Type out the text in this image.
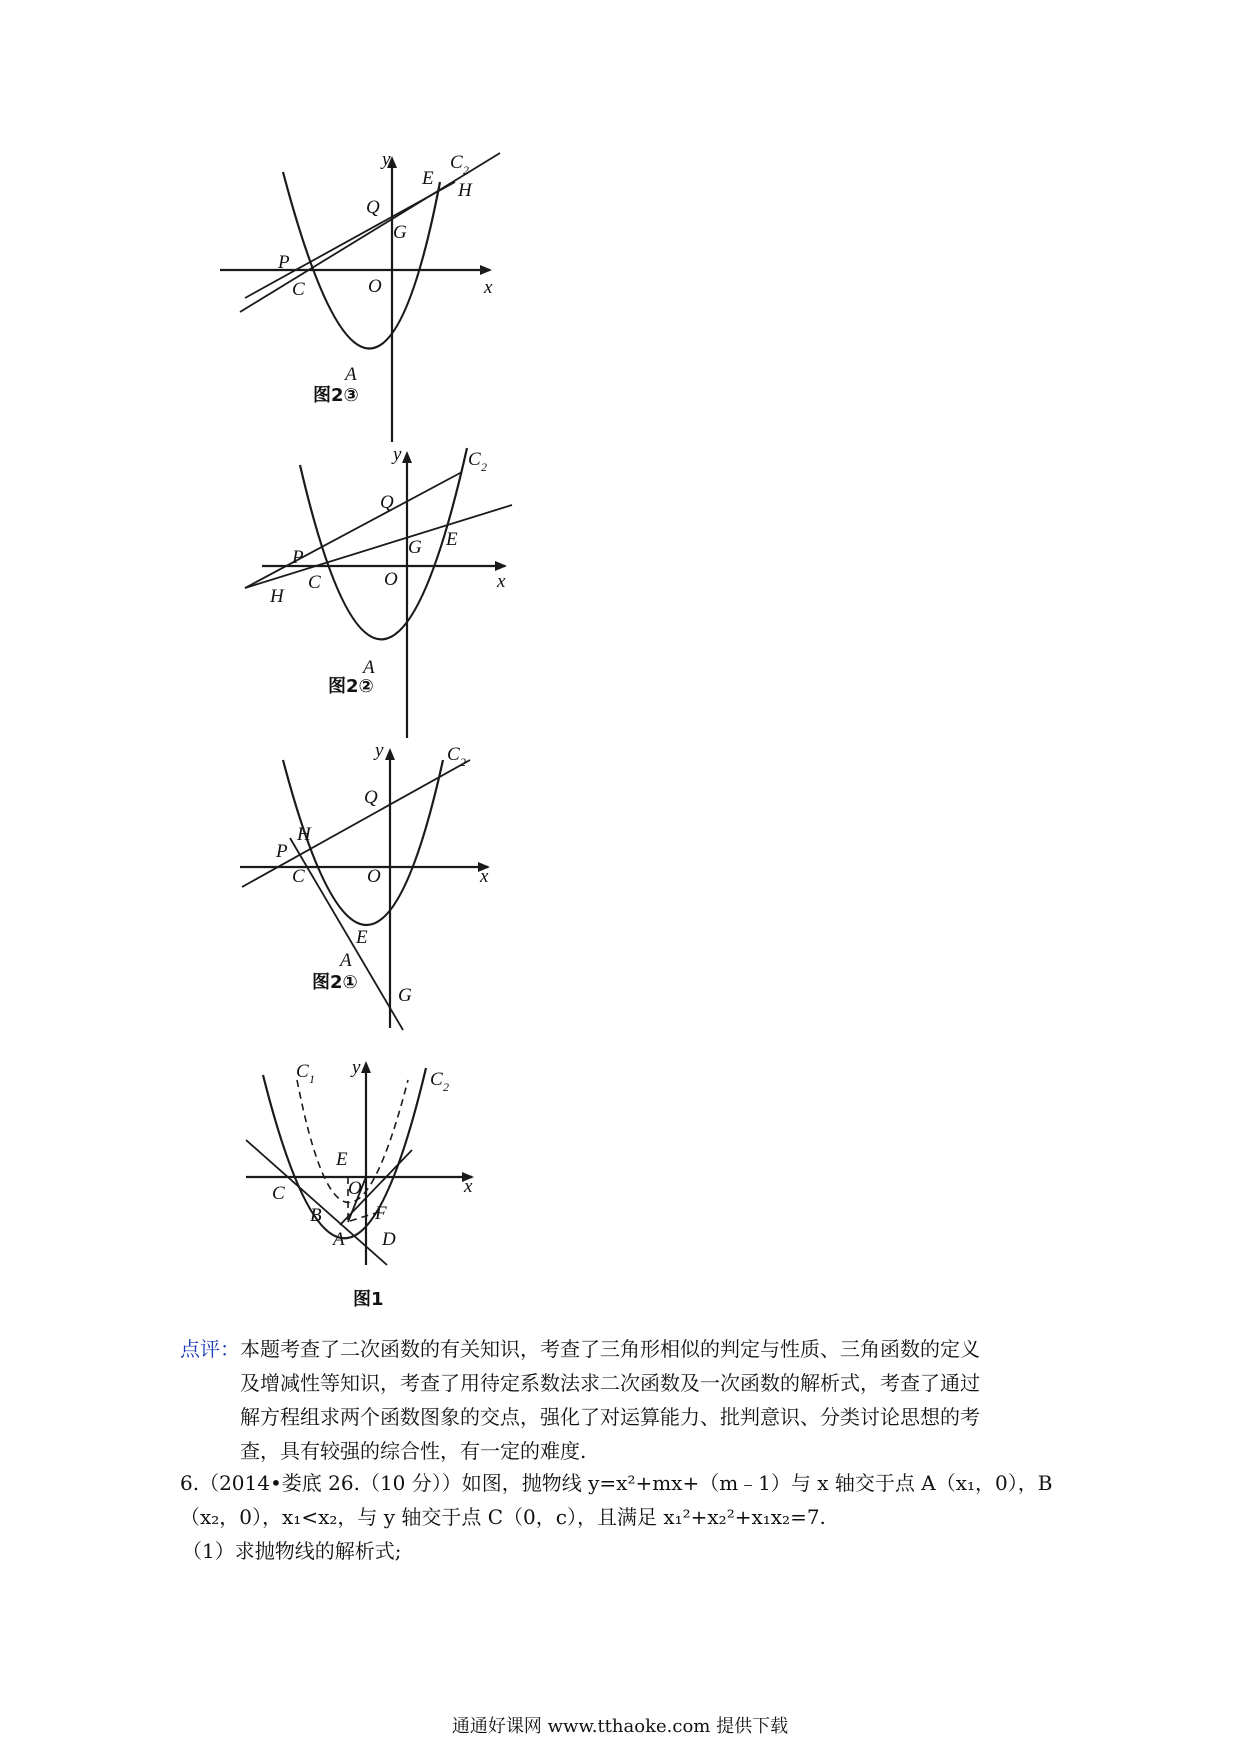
y
x
C 2
E
H
Q
G
P
C	O
A
图2③
y
x
C 2
Q
G E
P
C	O
H
A
图2②
y
x
C 2
Q
H
P
C	O
E
A
G
图2①
y
x
C 1	C 2
E
C	O
B	F
A D
图1
点评：本题考查了二次函数的有关知识，考查了三角形相似的判定与性质、三角函数的定义
及增减性等知识，考查了用待定系数法求二次函数及一次函数的解析式，考查了通过
解方程组求两个函数图象的交点，强化了对运算能力、批判意识、分类讨论思想的考
查，具有较强的综合性，有一定的难度.

6.（2014•娄底 26.（10 分））如图，抛物线 y=x²+mx+（m﹣1）与 x 轴交于点 A（x₁，0），B

（x₂，0），x₁<x₂，与 y 轴交于点 C（0，c），且满足 x₁²+x₂²+x₁x₂=7.

（1）求抛物线的解析式;

通通好课网 www.tthaoke.com 提供下载
